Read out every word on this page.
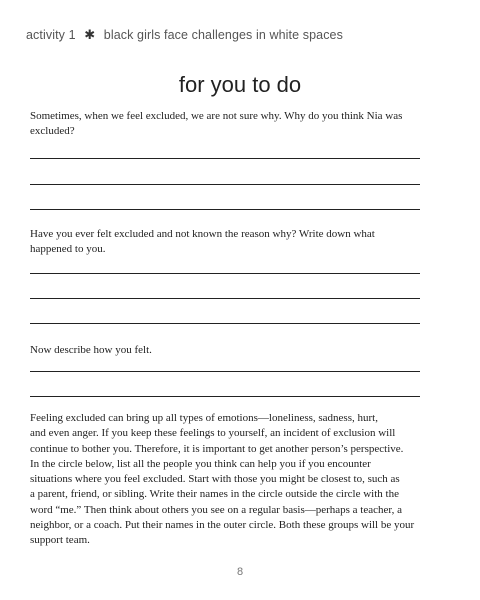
activity 1 ✱ black girls face challenges in white spaces
for you to do
Sometimes, when we feel excluded, we are not sure why. Why do you think Nia was
excluded?
Have you ever felt excluded and not known the reason why? Write down what
happened to you.
Now describe how you felt.
Feeling excluded can bring up all types of emotions—loneliness, sadness, hurt,
and even anger. If you keep these feelings to yourself, an incident of exclusion will
continue to bother you. Therefore, it is important to get another person’s perspective.
In the circle below, list all the people you think can help you if you encounter
situations where you feel excluded. Start with those you might be closest to, such as
a parent, friend, or sibling. Write their names in the circle outside the circle with the
word “me.” Then think about others you see on a regular basis—perhaps a teacher, a
neighbor, or a coach. Put their names in the outer circle. Both these groups will be your
support team.
8
